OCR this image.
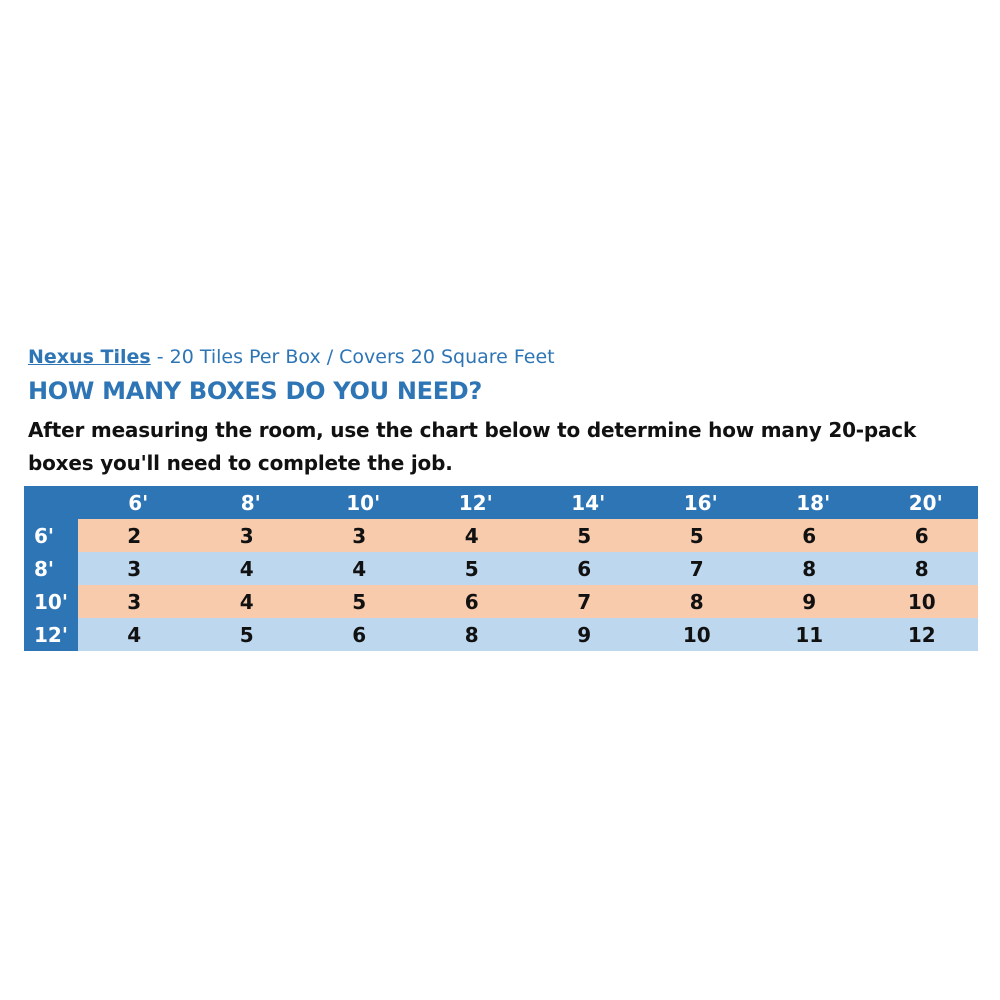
Nexus Tiles - 20 Tiles Per Box / Covers 20 Square Feet

HOW MANY BOXES DO YOU NEED?

After measuring the room, use the chart below to determine how many 20-pack boxes you'll need to complete the job.

	6'	8'	10'	12'	14'	16'	18'	20'
6'	2	3	3	4	5	5	6	6
8'	3	4	4	5	6	7	8	8
10'	3	4	5	6	7	8	9	10
12'	4	5	6	8	9	10	11	12
